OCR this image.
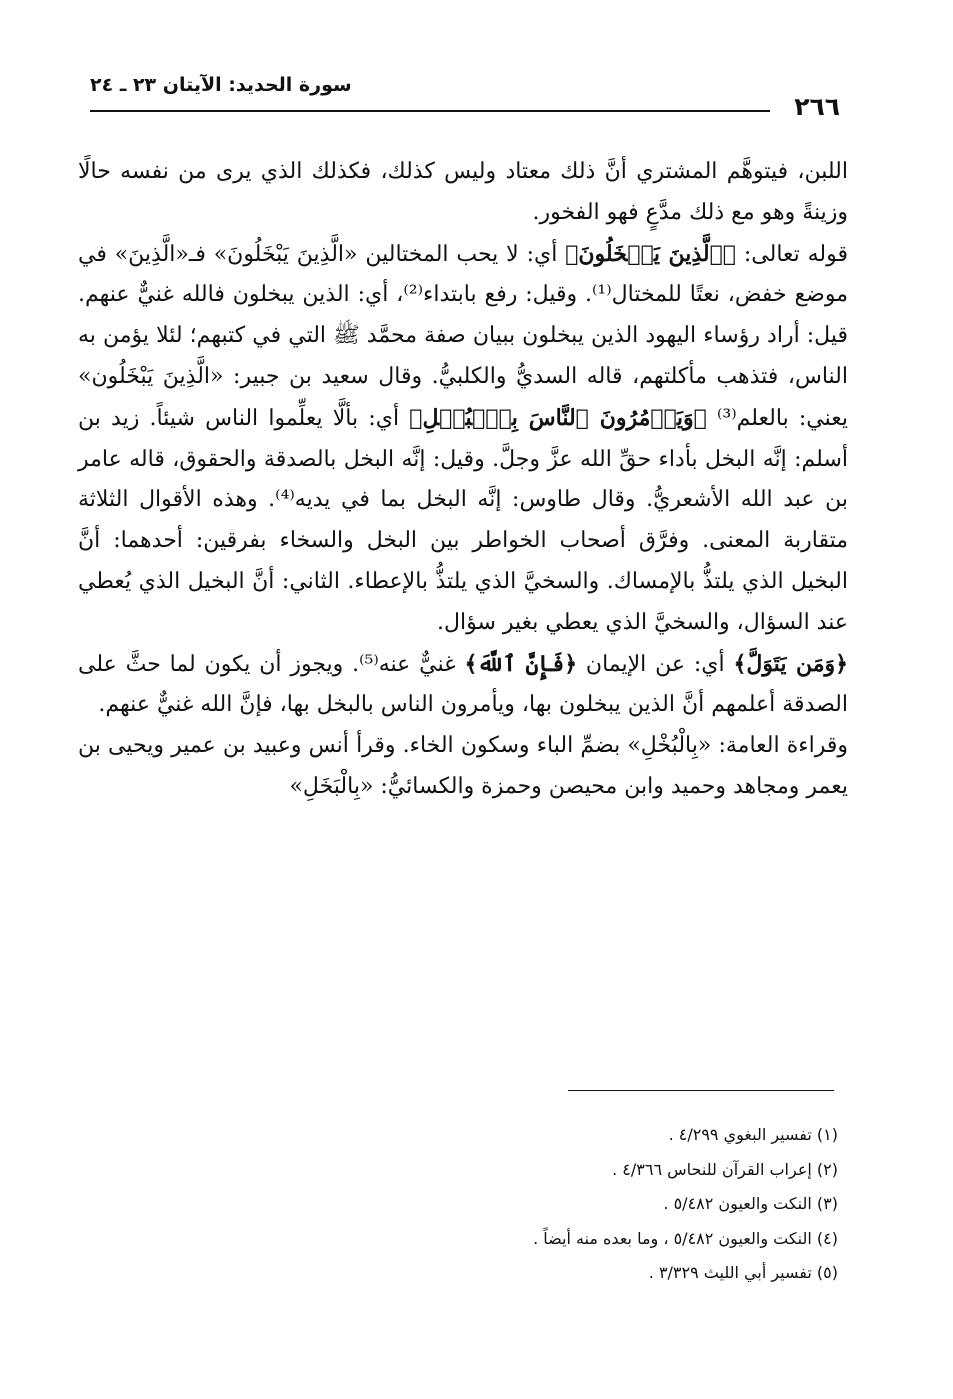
٢٦٦
سورة الحديد: الآيتان ٢٣ ـ ٢٤

اللبن، فيتوهَّم المشتري أنَّ ذلك معتاد وليس كذلك، فكذلك الذي يرى من نفسه حالًا وزينةً وهو مع ذلك مدَّعٍ فهو الفخور.

قوله تعالى: ﴿ٱلَّذِينَ يَبۡخَلُونَ﴾ أي: لا يحب المختالين «الَّذِينَ يَبْخَلُونَ» فـ«الَّذِينَ» في موضع خفض، نعتًا للمختال⁽¹⁾. وقيل: رفع بابتداء⁽²⁾، أي: الذين يبخلون فالله غنيٌّ عنهم. قيل: أراد رؤساء اليهود الذين يبخلون ببيان صفة محمَّد ﷺ التي في كتبهم؛ لئلا يؤمن به الناس، فتذهب مأكلتهم، قاله السديُّ والكلبيُّ. وقال سعيد بن جبير: «الَّذِينَ يَبْخَلُون» يعني: بالعلم⁽³⁾ ﴿وَيَأۡمُرُونَ ٱلنَّاسَ بِٱلۡبُخۡلِ﴾ أي: بألَّا يعلِّموا الناس شيئاً. زيد بن أسلم: إنَّه البخل بأداء حقِّ الله عزَّ وجلَّ. وقيل: إنَّه البخل بالصدقة والحقوق، قاله عامر بن عبد الله الأشعريُّ. وقال طاوس: إنَّه البخل بما في يديه⁽⁴⁾. وهذه الأقوال الثلاثة متقاربة المعنى. وفرَّق أصحاب الخواطر بين البخل والسخاء بفرقين: أحدهما: أنَّ البخيل الذي يلتذُّ بالإمساك. والسخيَّ الذي يلتذُّ بالإعطاء. الثاني: أنَّ البخيل الذي يُعطي عند السؤال، والسخيَّ الذي يعطي بغير سؤال.

﴿وَمَن يَتَوَلَّ﴾ أي: عن الإيمان ﴿فَإِنَّ ٱللَّهَ﴾ غنيٌّ عنه⁽⁵⁾. ويجوز أن يكون لما حثَّ على الصدقة أعلمهم أنَّ الذين يبخلون بها، ويأمرون الناس بالبخل بها، فإنَّ الله غنيٌّ عنهم.

وقراءة العامة: «بِالْبُخْلِ» بضمِّ الباء وسكون الخاء. وقرأ أنس وعبيد بن عمير ويحيى بن يعمر ومجاهد وحميد وابن محيصن وحمزة والكسائيُّ: «بِالْبَخَلِ»

(١) تفسير البغوي ٤/٢٩٩ .
(٢) إعراب القرآن للنحاس ٤/٣٦٦ .
(٣) النكت والعيون ٥/٤٨٢ .
(٤) النكت والعيون ٥/٤٨٢ ، وما بعده منه أيضاً .
(٥) تفسير أبي الليث ٣/٣٢٩ .
